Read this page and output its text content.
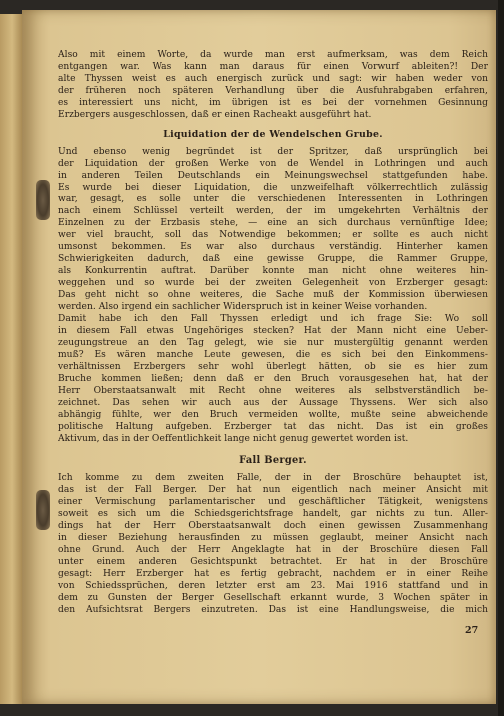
Also mit einem Worte, da wurde man erst aufmerksam, was dem Reich
entgangen war. Was kann man daraus für einen Vorwurf ableiten?! Der
alte Thyssen weist es auch energisch zurück und sagt: wir haben weder von
der früheren noch späteren Verhandlung über die Ausfuhrabgaben erfahren,
es interessiert uns nicht, im übrigen ist es bei der vornehmen Gesinnung
Erzbergers ausgeschlossen, daß er einen Racheakt ausgeführt hat.
Liquidation der de Wendelschen Grube.
Und ebenso wenig begründet ist der Spritzer, daß ursprünglich bei
der Liquidation der großen Werke von de Wendel in Lothringen und auch
in anderen Teilen Deutschlands ein Meinungswechsel stattgefunden habe.
Es wurde bei dieser Liquidation, die unzweifelhaft völkerrechtlich zulässig
war, gesagt, es solle unter die verschiedenen Interessenten in Lothringen
nach einem Schlüssel verteilt werden, der im umgekehrten Verhältnis der
Einzelnen zu der Erzbasis stehe, — eine an sich durchaus vernünftige Idee;
wer viel braucht, soll das Notwendige bekommen; er sollte es auch nicht
umsonst bekommen. Es war also durchaus verständig. Hinterher kamen
Schwierigkeiten dadurch, daß eine gewisse Gruppe, die Rammer Gruppe,
als Konkurrentin auftrat. Darüber konnte man nicht ohne weiteres hin-
weggehen und so wurde bei der zweiten Gelegenheit von Erzberger gesagt:
Das geht nicht so ohne weiteres, die Sache muß der Kommission überwiesen
werden. Also irgend ein sachlicher Widerspruch ist in keiner Weise vorhanden.
Damit habe ich den Fall Thyssen erledigt und ich frage Sie: Wo soll
in diesem Fall etwas Ungehöriges stecken? Hat der Mann nicht eine Ueber-
zeugungstreue an den Tag gelegt, wie sie nur mustergültig genannt werden
muß? Es wären manche Leute gewesen, die es sich bei den Einkommens-
verhältnissen Erzbergers sehr wohl überlegt hätten, ob sie es hier zum
Bruche kommen ließen; denn daß er den Bruch vorausgesehen hat, hat der
Herr Oberstaatsanwalt mit Recht ohne weiteres als selbstverständlich be-
zeichnet. Das sehen wir auch aus der Aussage Thyssens. Wer sich also
abhängig fühlte, wer den Bruch vermeiden wollte, mußte seine abweichende
politische Haltung aufgeben. Erzberger tat das nicht. Das ist ein großes
Aktivum, das in der Oeffentlichkeit lange nicht genug gewertet worden ist.
Fall Berger.
Ich komme zu dem zweiten Falle, der in der Broschüre behauptet ist,
das ist der Fall Berger. Der hat nun eigentlich nach meiner Ansicht mit
einer Vermischung parlamentarischer und geschäftlicher Tätigkeit, wenigstens
soweit es sich um die Schiedsgerichtsfrage handelt, gar nichts zu tun. Aller-
dings hat der Herr Oberstaatsanwalt doch einen gewissen Zusammenhang
in dieser Beziehung herausfinden zu müssen geglaubt, meiner Ansicht nach
ohne Grund. Auch der Herr Angeklagte hat in der Broschüre diesen Fall
unter einem anderen Gesichtspunkt betrachtet. Er hat in der Broschüre
gesagt: Herr Erzberger hat es fertig gebracht, nachdem er in einer Reihe
von Schiedssprüchen, deren letzter erst am 23. Mai 1916 stattfand und in
dem zu Gunsten der Berger Gesellschaft erkannt wurde, 3 Wochen später in
den Aufsichtsrat Bergers einzutreten. Das ist eine Handlungsweise, die mich
27
